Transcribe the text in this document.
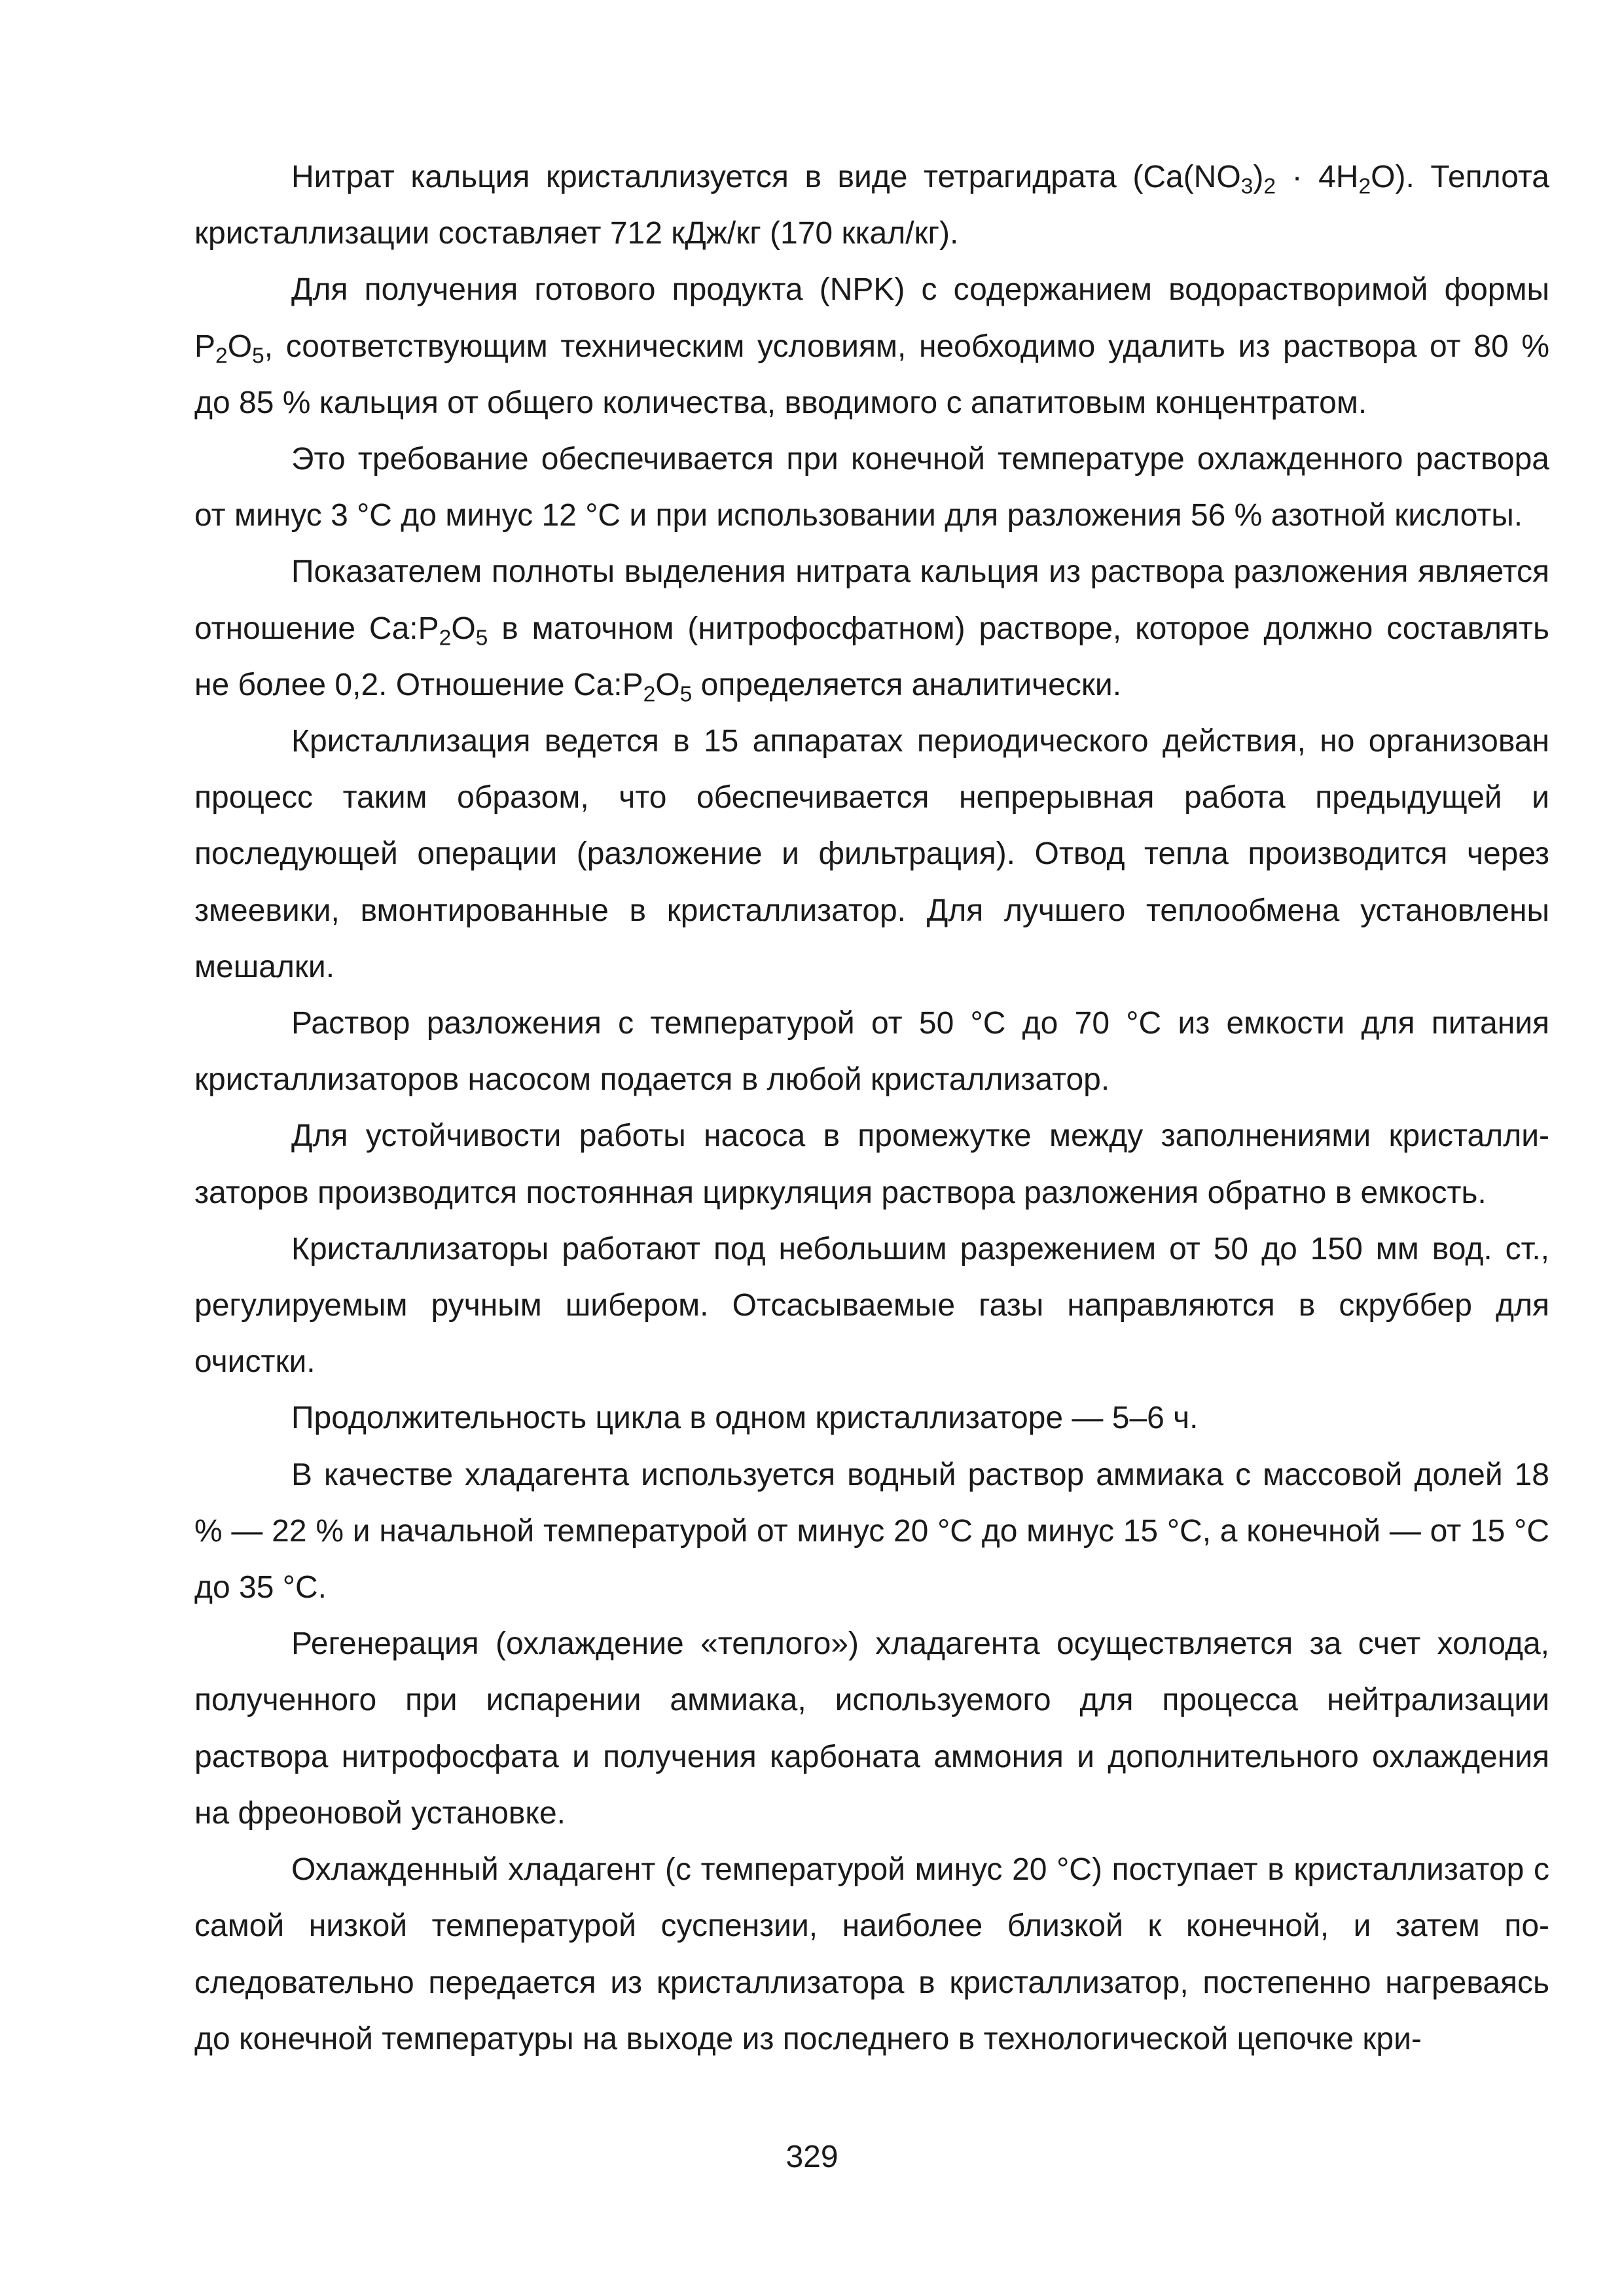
Нитрат кальция кристаллизуется в виде тетрагидрата $(Ca(NO_3)_2 \cdot 4H_2O)$. Теплота кристаллизации составляет 712 кДж/кг (170 ккал/кг).

Для получения готового продукта (NPK) с содержанием водорастворимой формы $P_2O_5$, соответствующим техническим условиям, необходимо удалить из раствора от 80 % до 85 % кальция от общего количества, вводимого с апатитовым концентратом.

Это требование обеспечивается при конечной температуре охлажденного раствора от минус 3 °С до минус 12 °С и при использовании для разложения 56 % азотной кислоты.

Показателем полноты выделения нитрата кальция из раствора разложения является отношение $Ca:P_2O_5$ в маточном (нитрофосфатном) растворе, которое должно составлять не более 0,2. Отношение $Ca:P_2O_5$ определяется аналитически.

Кристаллизация ведется в 15 аппаратах периодического действия, но организован процесс таким образом, что обеспечивается непрерывная работа предыдущей и последующей операции (разложение и фильтрация). Отвод тепла производится через змеевики, вмонтированные в кристаллизатор. Для лучшего теплообмена установлены мешалки.

Раствор разложения с температурой от 50 °С до 70 °С из емкости для питания кристаллизаторов насосом подается в любой кристаллизатор.

Для устойчивости работы насоса в промежутке между заполнениями кристаллизаторов производится постоянная циркуляция раствора разложения обратно в емкость.

Кристаллизаторы работают под небольшим разрежением от 50 до 150 мм вод. ст., регулируемым ручным шибером. Отсасываемые газы направляются в скруббер для очистки.

Продолжительность цикла в одном кристаллизаторе — 5–6 ч.

В качестве хладагента используется водный раствор аммиака с массовой долей 18 % — 22 % и начальной температурой от минус 20 °С до минус 15 °С, а конечной — от 15 °С до 35 °С.

Регенерация (охлаждение «теплого») хладагента осуществляется за счет холода, полученного при испарении аммиака, используемого для процесса нейтрализации раствора нитрофосфата и получения карбоната аммония и дополнительного охлаждения на фреоновой установке.

Охлажденный хладагент (с температурой минус 20 °С) поступает в кристаллизатор с самой низкой температурой суспензии, наиболее близкой к конечной, и затем последовательно передается из кристаллизатора в кристаллизатор, постепенно нагреваясь до конечной температуры на выходе из последнего в технологической цепочке кри-

329
